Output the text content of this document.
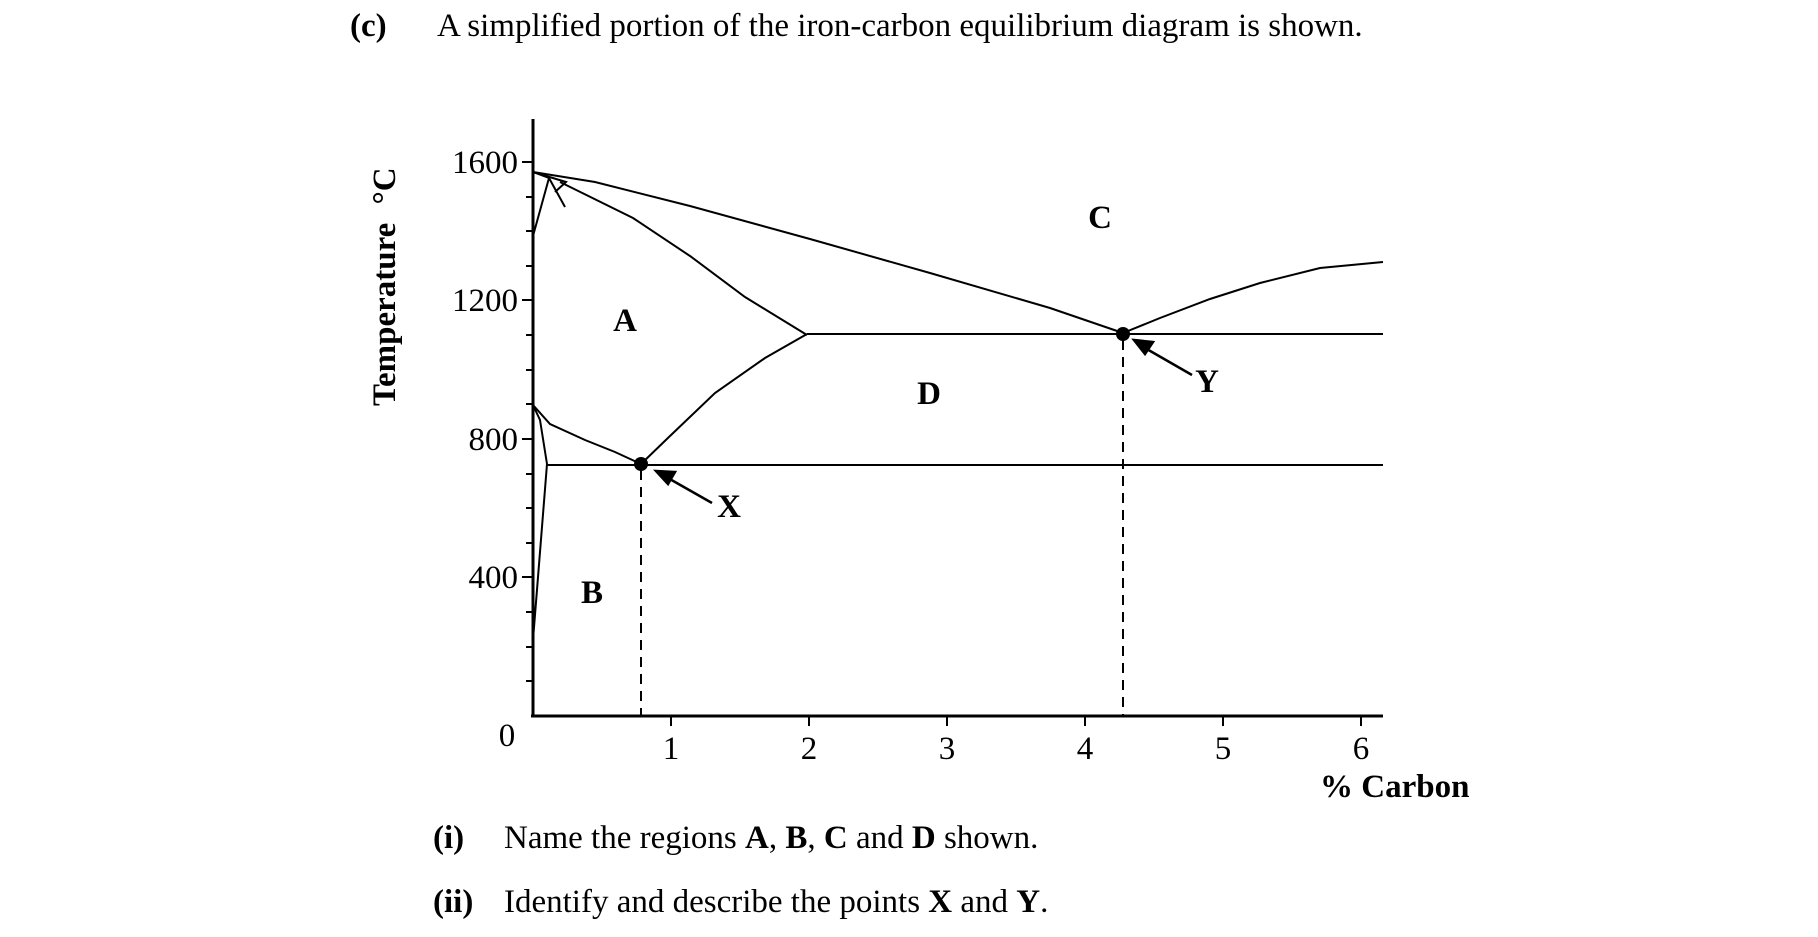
(c) A simplified portion of the iron-carbon equilibrium diagram is shown.
Temperature °C
1600
1200
800
400
0	1	2	3	4	5	6
% Carbon
A
B
C
D
X
Y
(i) Name the regions A, B, C and D shown.
(ii) Identify and describe the points X and Y.
